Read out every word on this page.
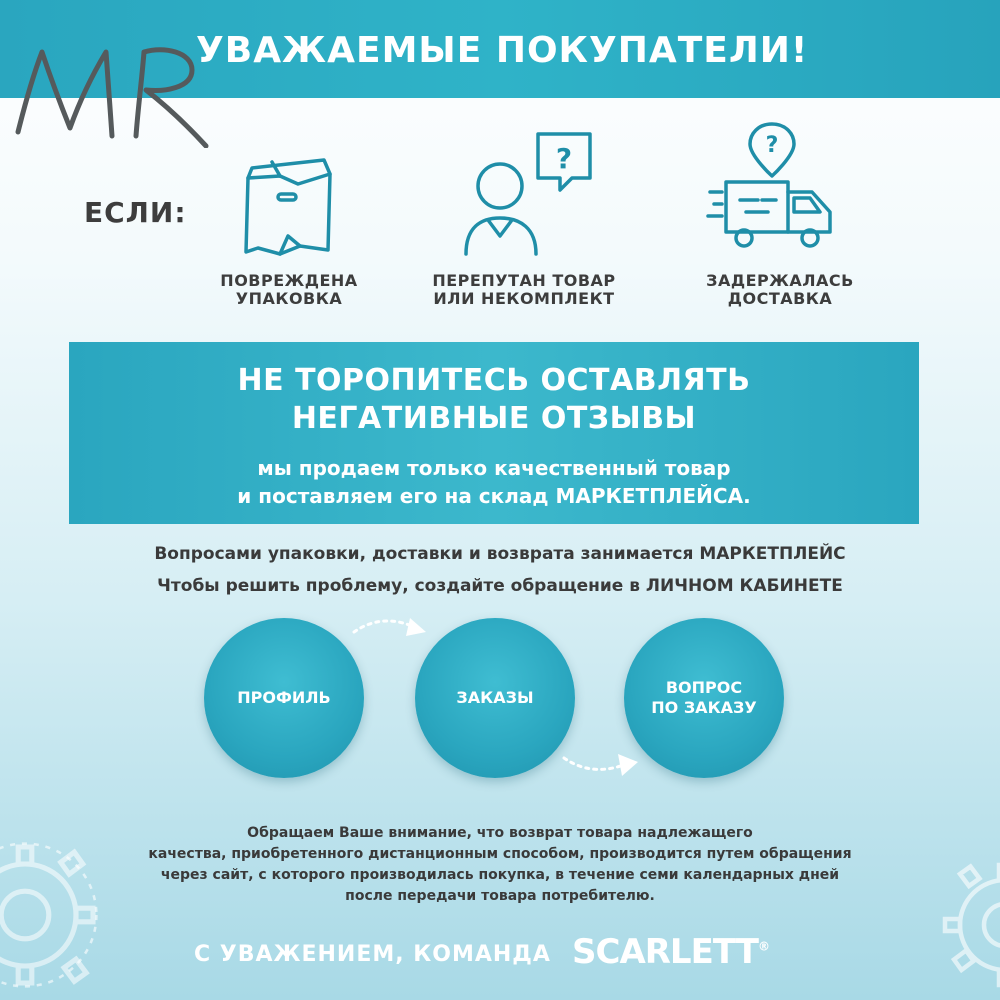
УВАЖАЕМЫЕ ПОКУПАТЕЛИ!
ЕСЛИ:
?	?
ПОВРЕЖДЕНА
УПАКОВКА
ПЕРЕПУТАН ТОВАР
ИЛИ НЕКОМПЛЕКТ
ЗАДЕРЖАЛАСЬ
ДОСТАВКА
НЕ ТОРОПИТЕСЬ ОСТАВЛЯТЬ
НЕГАТИВНЫЕ ОТЗЫВЫ
мы продаем только качественный товар
и поставляем его на склад МАРКЕТПЛЕЙСА.
Вопросами упаковки, доставки и возврата занимается МАРКЕТПЛЕЙС
Чтобы решить проблему, создайте обращение в ЛИЧНОМ КАБИНЕТЕ
ПРОФИЛЬ	ЗАКАЗЫ
ВОПРОС
ПО ЗАКАЗУ
Обращаем Ваше внимание, что возврат товара надлежащего
качества, приобретенного дистанционным способом, производится путем обращения
через сайт, с которого производилась покупка, в течение семи календарных дней
после передачи товара потребителю.
С УВАЖЕНИЕМ, КОМАНДА SCARLETT®
